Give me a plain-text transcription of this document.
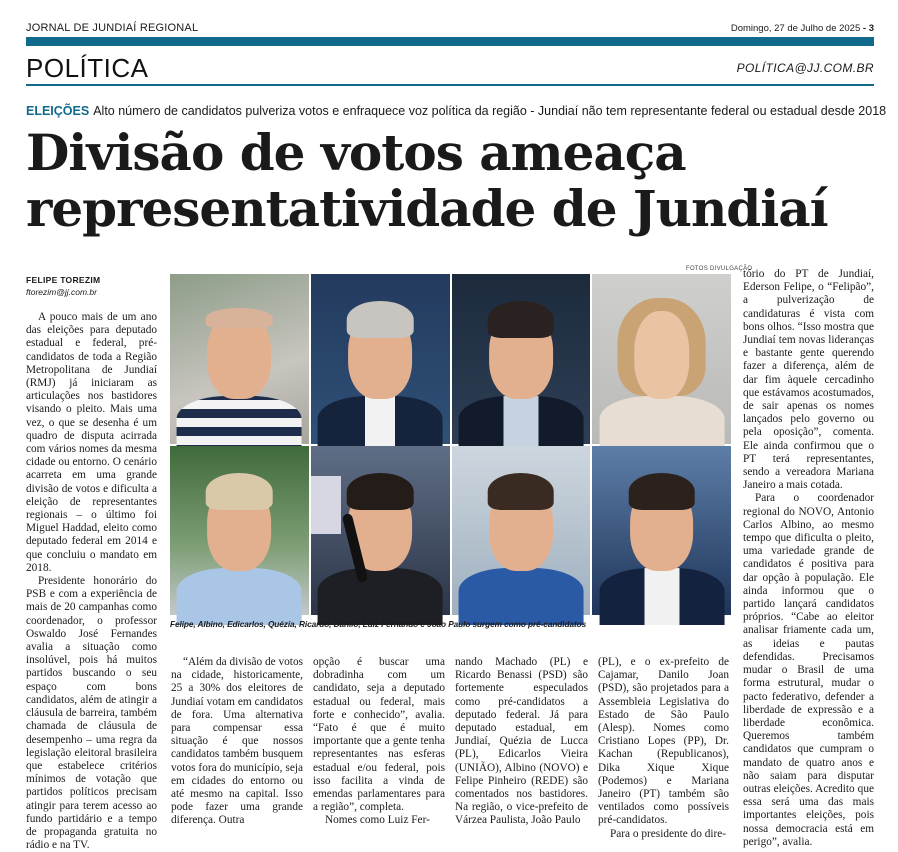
JORNAL DE JUNDIAÍ REGIONAL	Domingo, 27 de Julho de 2025 - 3
POLÍTICA	POLÍTICA@JJ.COM.BR
ELEIÇÕES Alto número de candidatos pulveriza votos e enfraquece voz política da região - Jundiaí não tem representante federal ou estadual desde 2018
Divisão de votos ameaça representatividade de Jundiaí
FELIPE TOREZIM
ftorezim@jj.com.br
FOTOS DIVULGAÇÃO
Felipe, Albino, Edicarlos, Quézia, Ricardo, Danilo, Luiz Fernando e João Paulo surgem como pré-candidatos

A pouco mais de um ano das eleições para deputado estadual e federal, pré-candidatos de toda a Região Metropolitana de Jundiaí (RMJ) já iniciaram as articulações nos bastidores visando o pleito. Mais uma vez, o que se desenha é um quadro de disputa acirrada com vários nomes da mesma cidade ou entorno. O cenário acarreta em uma grande divisão de votos e dificulta a eleição de representantes regionais – o último foi Miguel Haddad, eleito como deputado federal em 2014 e que concluiu o mandato em 2018.

Presidente honorário do PSB e com a experiência de mais de 20 campanhas como coordenador, o professor Oswaldo José Fernandes avalia a situação como insolúvel, pois há muitos partidos buscando o seu espaço com bons candidatos, além de atingir a cláusula de barreira, também chamada de cláusula de desempenho – uma regra da legislação eleitoral brasileira que estabelece critérios mínimos de votação que partidos políticos precisam atingir para terem acesso ao fundo partidário e a tempo de propaganda gratuita no rádio e na TV.

“Além da divisão de votos na cidade, historicamente, 25 a 30% dos eleitores de Jundiaí votam em candidatos de fora. Uma alternativa para compensar essa situação é que nossos candidatos também busquem votos fora do município, seja em cidades do entorno ou até mesmo na capital. Isso pode fazer uma grande diferença. Outra

opção é buscar uma dobradinha com um candidato, seja a deputado estadual ou federal, mais forte e conhecido”, avalia. “Fato é que é muito importante que a gente tenha representantes nas esferas estadual e/ou federal, pois isso facilita a vinda de emendas parlamentares para a região”, completa.

Nomes como Luiz Fer-

nando Machado (PL) e Ricardo Benassi (PSD) são fortemente especulados como pré-candidatos a deputado federal. Já para deputado estadual, em Jundiaí, Quézia de Lucca (PL), Edicarlos Vieira (UNIÃO), Albino (NOVO) e Felipe Pinheiro (REDE) são comentados nos bastidores. Na região, o vice-prefeito de Várzea Paulista, João Paulo

(PL), e o ex-prefeito de Cajamar, Danilo Joan (PSD), são projetados para a Assembleia Legislativa do Estado de São Paulo (Alesp). Nomes como Cristiano Lopes (PP), Dr. Kachan (Republicanos), Dika Xique Xique (Podemos) e Mariana Janeiro (PT) também são ventilados como possíveis pré-candidatos.

Para o presidente do dire-

tório do PT de Jundiaí, Ederson Felipe, o “Felipão”, a pulverização de candidaturas é vista com bons olhos. “Isso mostra que Jundiaí tem novas lideranças e bastante gente querendo fazer a diferença, além de dar fim àquele cercadinho que estávamos acostumados, de sair apenas os nomes lançados pelo governo ou pela oposição”, comenta. Ele ainda confirmou que o PT terá representantes, sendo a vereadora Mariana Janeiro a mais cotada.

Para o coordenador regional do NOVO, Antonio Carlos Albino, ao mesmo tempo que dificulta o pleito, uma variedade grande de candidatos é positiva para dar opção à população. Ele ainda informou que o partido lançará candidatos próprios. “Cabe ao eleitor analisar friamente cada um, as ideias e pautas defendidas. Precisamos mudar o Brasil de uma forma estrutural, mudar o pacto federativo, defender a liberdade de expressão e a liberdade econômica. Queremos também candidatos que cumpram o mandato de quatro anos e não saiam para disputar outras eleições. Acredito que essa será uma das mais importantes eleições, pois nossa democracia está em perigo”, avalia.
